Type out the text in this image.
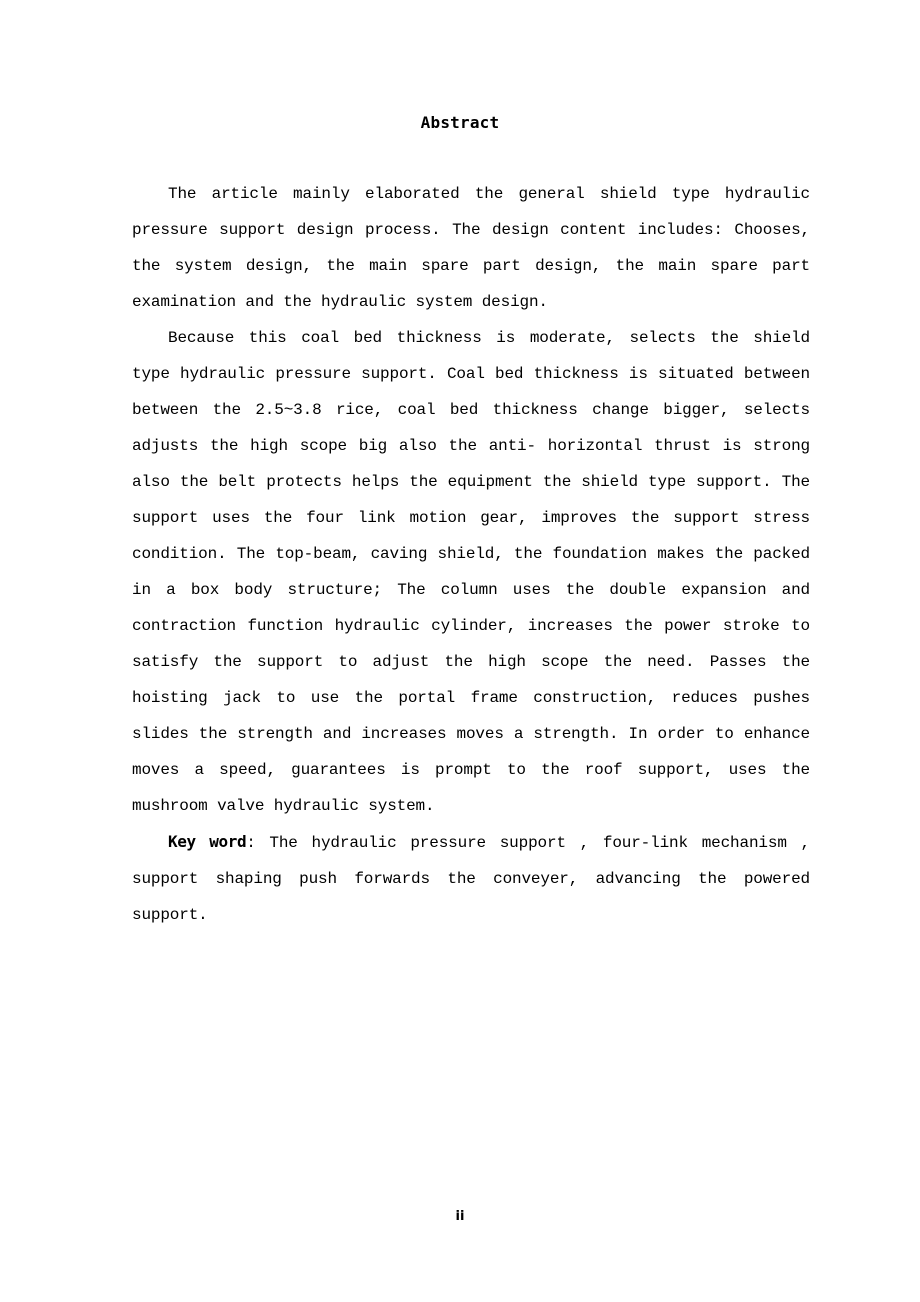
Abstract

The article mainly elaborated the general shield type hydraulic pressure support design process. The design content includes: Chooses, the system design, the main spare part design, the main spare part examination and the hydraulic system design.

Because this coal bed thickness is moderate, selects the shield type hydraulic pressure support. Coal bed thickness is situated between between the 2.5~3.8 rice, coal bed thickness change bigger, selects adjusts the high scope big also the anti- horizontal thrust is strong also the belt protects helps the equipment the shield type support. The support uses the four link motion gear, improves the support stress condition. The top-beam, caving shield, the foundation makes the packed in a box body structure; The column uses the double expansion and contraction function hydraulic cylinder, increases the power stroke to satisfy the support to adjust the high scope the need. Passes the hoisting jack to use the portal frame construction, reduces pushes slides the strength and increases moves a strength. In order to enhance moves a speed, guarantees is prompt to the roof support, uses the mushroom valve hydraulic system.

Key word: The hydraulic pressure support , four-link mechanism , support shaping push forwards the conveyer, advancing the powered support.

ii
